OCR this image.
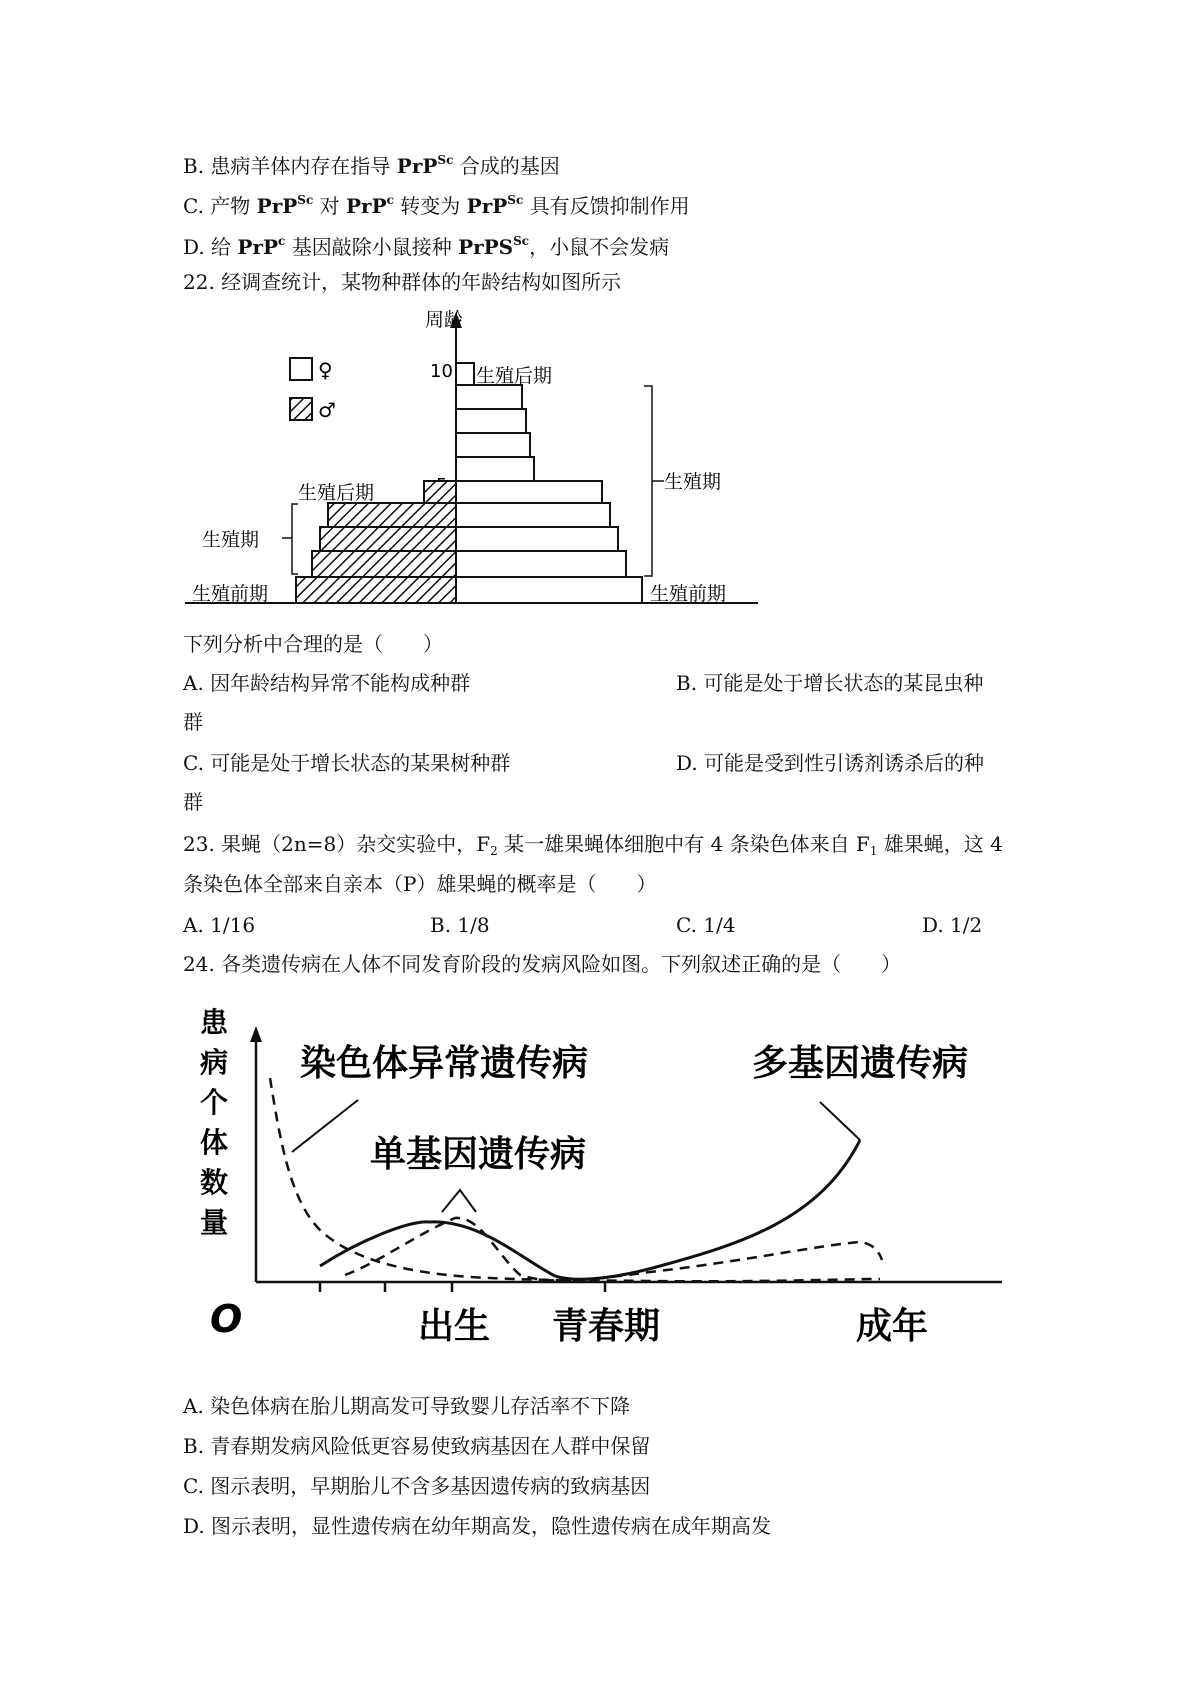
B. 患病羊体内存在指导 PrP$^{Sc}$ 合成的基因
C. 产物 PrP$^{Sc}$ 对 PrP$^c$ 转变为 PrP$^{Sc}$ 具有反馈抑制作用
D. 给 PrP$^c$ 基因敲除小鼠接种 PrPS$^{Sc}$，小鼠不会发病
22. 经调查统计，某物种群体的年龄结构如图所示
周龄
10
♀
♂
生殖后期
生殖期
生殖前期
生殖后期
生殖期
生殖前期
下列分析中合理的是（　　）
A. 因年龄结构异常不能构成种群	B. 可能是处于增长状态的某昆虫种
群
C. 可能是处于增长状态的某果树种群	D. 可能是受到性引诱剂诱杀后的种
群
23. 果蝇（2n=8）杂交实验中，$F_2$ 某一雄果蝇体细胞中有 4 条染色体来自 $F_1$ 雄果蝇，这 4
条染色体全部来自亲本（P）雄果蝇的概率是（　　）
A. 1/16	B. 1/8	C. 1/4	D. 1/2
24. 各类遗传病在人体不同发育阶段的发病风险如图。下列叙述正确的是（　　）
患
病
个
体
数
量
O	出生 青春期	成年
染色体异常遗传病
单基因遗传病
多基因遗传病
A. 染色体病在胎儿期高发可导致婴儿存活率不下降
B. 青春期发病风险低更容易使致病基因在人群中保留
C. 图示表明，早期胎儿不含多基因遗传病的致病基因
D. 图示表明，显性遗传病在幼年期高发，隐性遗传病在成年期高发
